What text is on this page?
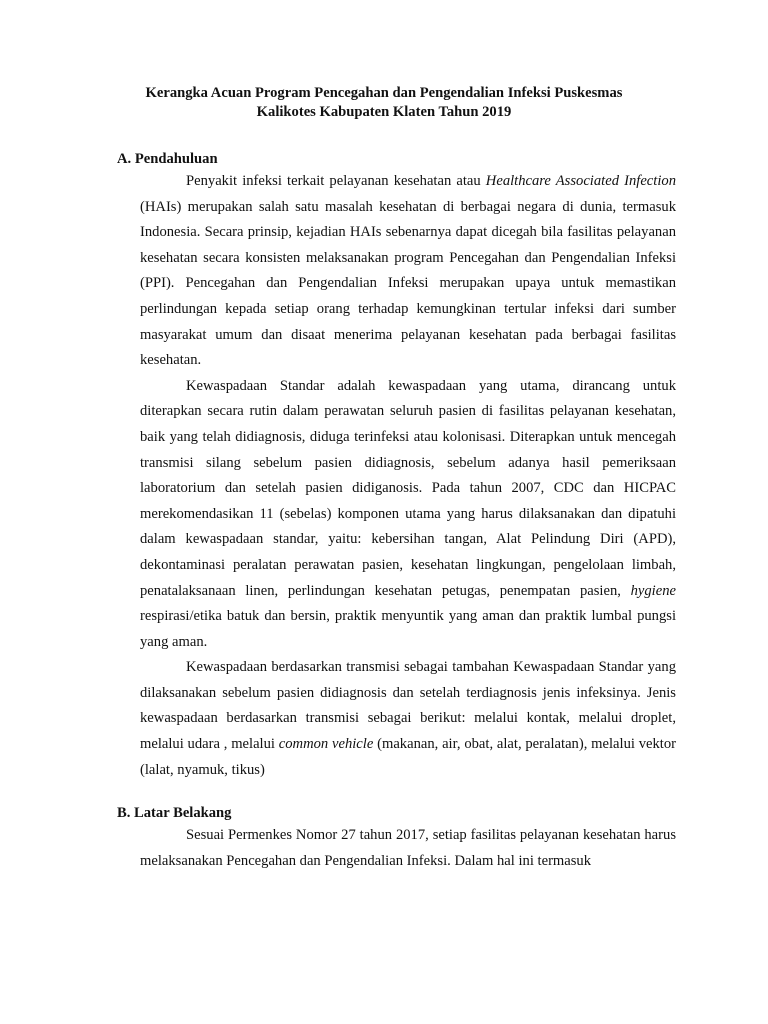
Kerangka Acuan Program Pencegahan dan Pengendalian Infeksi Puskesmas
Kalikotes Kabupaten Klaten Tahun 2019
A. Pendahuluan

Penyakit infeksi terkait pelayanan kesehatan atau Healthcare Associated Infection (HAIs) merupakan salah satu masalah kesehatan di berbagai negara di dunia, termasuk Indonesia. Secara prinsip, kejadian HAIs sebenarnya dapat dicegah bila fasilitas pelayanan kesehatan secara konsisten melaksanakan program Pencegahan dan Pengendalian Infeksi (PPI). Pencegahan dan Pengendalian Infeksi merupakan upaya untuk memastikan perlindungan kepada setiap orang terhadap kemungkinan tertular infeksi dari sumber masyarakat umum dan disaat menerima pelayanan kesehatan pada berbagai fasilitas kesehatan.

Kewaspadaan Standar adalah kewaspadaan yang utama, dirancang untuk diterapkan secara rutin dalam perawatan seluruh pasien di fasilitas pelayanan kesehatan, baik yang telah didiagnosis, diduga terinfeksi atau kolonisasi. Diterapkan untuk mencegah transmisi silang sebelum pasien didiagnosis, sebelum adanya hasil pemeriksaan laboratorium dan setelah pasien didiganosis. Pada tahun 2007, CDC dan HICPAC merekomendasikan 11 (sebelas) komponen utama yang harus dilaksanakan dan dipatuhi dalam kewaspadaan standar, yaitu: kebersihan tangan, Alat Pelindung Diri (APD), dekontaminasi peralatan perawatan pasien, kesehatan lingkungan, pengelolaan limbah, penatalaksanaan linen, perlindungan kesehatan petugas, penempatan pasien, hygiene respirasi/etika batuk dan bersin, praktik menyuntik yang aman dan praktik lumbal pungsi yang aman.

Kewaspadaan berdasarkan transmisi sebagai tambahan Kewaspadaan Standar yang dilaksanakan sebelum pasien didiagnosis dan setelah terdiagnosis jenis infeksinya. Jenis kewaspadaan berdasarkan transmisi sebagai berikut: melalui kontak, melalui droplet, melalui udara , melalui common vehicle (makanan, air, obat, alat, peralatan), melalui vektor (lalat, nyamuk, tikus)

B. Latar Belakang

Sesuai Permenkes Nomor 27 tahun 2017, setiap fasilitas pelayanan kesehatan harus melaksanakan Pencegahan dan Pengendalian Infeksi. Dalam hal ini termasuk
